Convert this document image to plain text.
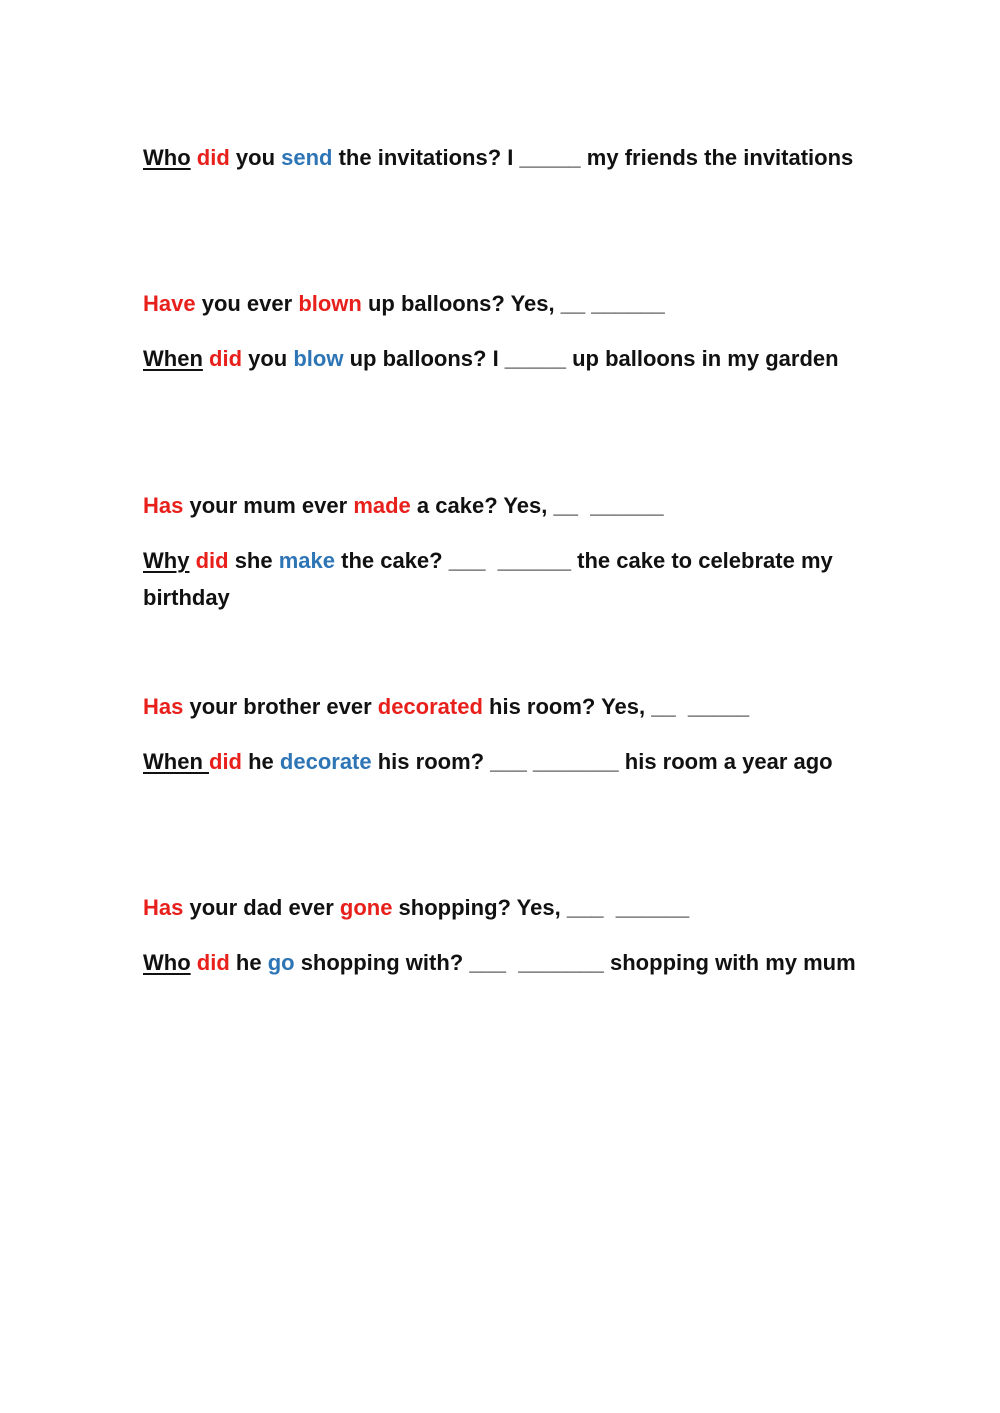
Who did you send the invitations? I _____ my friends the invitations

Have you ever blown up balloons? Yes, __ ______

When did you blow up balloons? I _____ up balloons in my garden

Has your mum ever made a cake? Yes, __  ______

Why did she make the cake? ___  ______ the cake to celebrate my birthday

Has your brother ever decorated his room? Yes, __  _____

When did he decorate his room? ___ _______ his room a year ago

Has your dad ever gone shopping? Yes, ___  ______

Who did he go shopping with? ___  _______ shopping with my mum
